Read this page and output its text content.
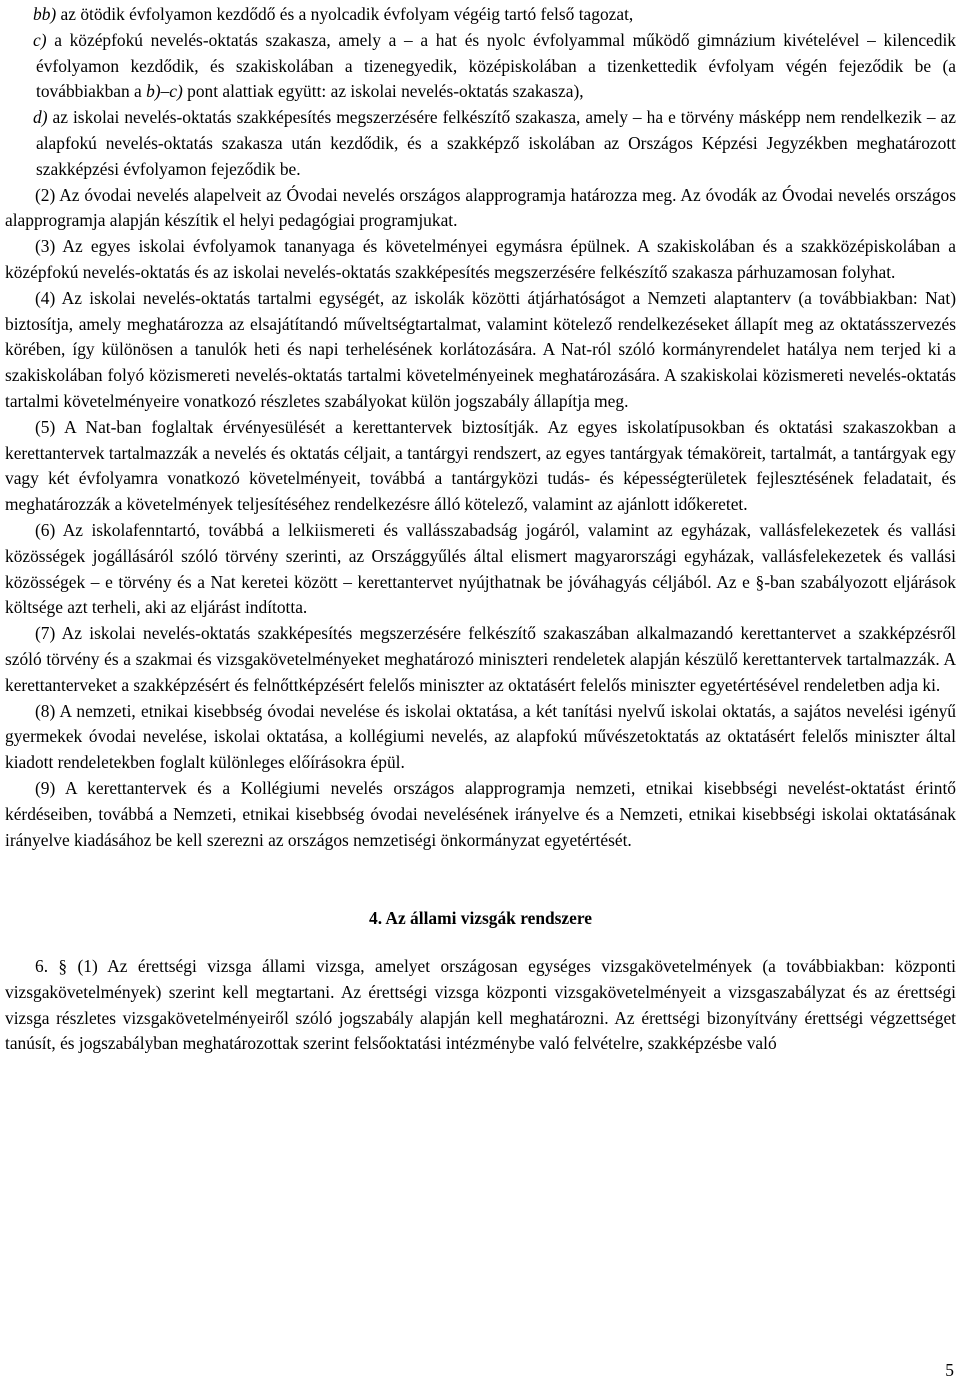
bb) az ötödik évfolyamon kezdődő és a nyolcadik évfolyam végéig tartó felső tagozat,

c) a középfokú nevelés-oktatás szakasza, amely a – a hat és nyolc évfolyammal működő gimnázium kivételével – kilencedik évfolyamon kezdődik, és szakiskolában a tizenegyedik, középiskolában a tizenkettedik évfolyam végén fejeződik be (a továbbiakban a b)–c) pont alattiak együtt: az iskolai nevelés-oktatás szakasza),

d) az iskolai nevelés-oktatás szakképesítés megszerzésére felkészítő szakasza, amely – ha e törvény másképp nem rendelkezik – az alapfokú nevelés-oktatás szakasza után kezdődik, és a szakképző iskolában az Országos Képzési Jegyzékben meghatározott szakképzési évfolyamon fejeződik be.

(2) Az óvodai nevelés alapelveit az Óvodai nevelés országos alapprogramja határozza meg. Az óvodák az Óvodai nevelés országos alapprogramja alapján készítik el helyi pedagógiai programjukat.

(3) Az egyes iskolai évfolyamok tananyaga és követelményei egymásra épülnek. A szakiskolában és a szakközépiskolában a középfokú nevelés-oktatás és az iskolai nevelés-oktatás szakképesítés megszerzésére felkészítő szakasza párhuzamosan folyhat.

(4) Az iskolai nevelés-oktatás tartalmi egységét, az iskolák közötti átjárhatóságot a Nemzeti alaptanterv (a továbbiakban: Nat) biztosítja, amely meghatározza az elsajátítandó műveltségtartalmat, valamint kötelező rendelkezéseket állapít meg az oktatásszervezés körében, így különösen a tanulók heti és napi terhelésének korlátozására. A Nat-ról szóló kormányrendelet hatálya nem terjed ki a szakiskolában folyó közismereti nevelés-oktatás tartalmi követelményeinek meghatározására. A szakiskolai közismereti nevelés-oktatás tartalmi követelményeire vonatkozó részletes szabályokat külön jogszabály állapítja meg.

(5) A Nat-ban foglaltak érvényesülését a kerettantervek biztosítják. Az egyes iskolatípusokban és oktatási szakaszokban a kerettantervek tartalmazzák a nevelés és oktatás céljait, a tantárgyi rendszert, az egyes tantárgyak témaköreit, tartalmát, a tantárgyak egy vagy két évfolyamra vonatkozó követelményeit, továbbá a tantárgyközi tudás- és képességterületek fejlesztésének feladatait, és meghatározzák a követelmények teljesítéséhez rendelkezésre álló kötelező, valamint az ajánlott időkeretet.

(6) Az iskolafenntartó, továbbá a lelkiismereti és vallásszabadság jogáról, valamint az egyházak, vallásfelekezetek és vallási közösségek jogállásáról szóló törvény szerinti, az Országgyűlés által elismert magyarországi egyházak, vallásfelekezetek és vallási közösségek – e törvény és a Nat keretei között – kerettantervet nyújthatnak be jóváhagyás céljából. Az e §-ban szabályozott eljárások költsége azt terheli, aki az eljárást indította.

(7) Az iskolai nevelés-oktatás szakképesítés megszerzésére felkészítő szakaszában alkalmazandó kerettantervet a szakképzésről szóló törvény és a szakmai és vizsgakövetelményeket meghatározó miniszteri rendeletek alapján készülő kerettantervek tartalmazzák. A kerettanterveket a szakképzésért és felnőttképzésért felelős miniszter az oktatásért felelős miniszter egyetértésével rendeletben adja ki.

(8) A nemzeti, etnikai kisebbség óvodai nevelése és iskolai oktatása, a két tanítási nyelvű iskolai oktatás, a sajátos nevelési igényű gyermekek óvodai nevelése, iskolai oktatása, a kollégiumi nevelés, az alapfokú művészetoktatás az oktatásért felelős miniszter által kiadott rendeletekben foglalt különleges előírásokra épül.

(9) A kerettantervek és a Kollégiumi nevelés országos alapprogramja nemzeti, etnikai kisebbségi nevelést-oktatást érintő kérdéseiben, továbbá a Nemzeti, etnikai kisebbség óvodai nevelésének irányelve és a Nemzeti, etnikai kisebbségi iskolai oktatásának irányelve kiadásához be kell szerezni az országos nemzetiségi önkormányzat egyetértését.

4. Az állami vizsgák rendszere

6. § (1) Az érettségi vizsga állami vizsga, amelyet országosan egységes vizsgakövetelmények (a továbbiakban: központi vizsgakövetelmények) szerint kell megtartani. Az érettségi vizsga központi vizsgakövetelményeit a vizsgaszabályzat és az érettségi vizsga részletes vizsgakövetelményeiről szóló jogszabály alapján kell meghatározni. Az érettségi bizonyítvány érettségi végzettséget tanúsít, és jogszabályban meghatározottak szerint felsőoktatási intézménybe való felvételre, szakképzésbe való

5
